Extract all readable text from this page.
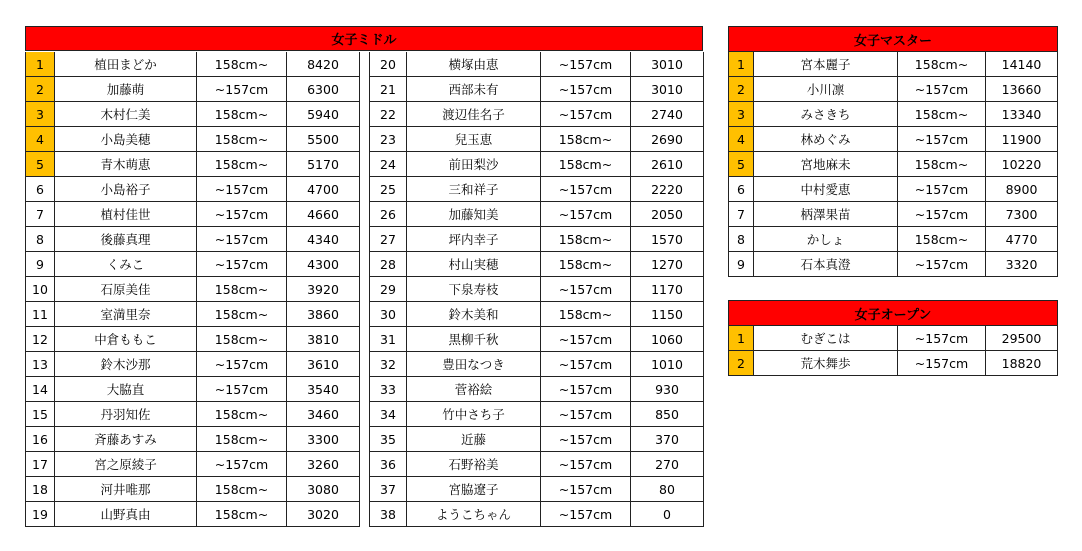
1	植田まどか	158cm~	8420
2	加藤萌	~157cm	6300
3	木村仁美	158cm~	5940
4	小島美穂	158cm~	5500
5	青木萌恵	158cm~	5170
6	小島裕子	~157cm	4700
7	植村佳世	~157cm	4660
8	後藤真理	~157cm	4340
9	くみこ	~157cm	4300
10	石原美佳	158cm~	3920
11	室満里奈	158cm~	3860
12	中倉ももこ	158cm~	3810
13	鈴木沙那	~157cm	3610
14	大脇直	~157cm	3540
15	丹羽知佐	158cm~	3460
16	斉藤あすみ	158cm~	3300
17	宮之原綾子	~157cm	3260
18	河井唯那	158cm~	3080
19	山野真由	158cm~	3020
女子ミドル

20	横塚由恵	~157cm	3010
21	西部未有	~157cm	3010
22	渡辺佳名子	~157cm	2740
23	兒玉恵	158cm~	2690
24	前田梨沙	158cm~	2610
25	三和祥子	~157cm	2220
26	加藤知美	~157cm	2050
27	坪内幸子	158cm~	1570
28	村山実穂	158cm~	1270
29	下泉寿枝	~157cm	1170
30	鈴木美和	158cm~	1150
31	黒柳千秋	~157cm	1060
32	豊田なつき	~157cm	1010
33	菅裕絵	~157cm	930
34	竹中さち子	~157cm	850
35	近藤	~157cm	370
36	石野裕美	~157cm	270
37	宮脇遼子	~157cm	80
38	ようこちゃん	~157cm	0
女子マスター			
1	宮本麗子	158cm~	14140
2	小川凛	~157cm	13660
3	みさきち	158cm~	13340
4	林めぐみ	~157cm	11900
5	宮地麻未	158cm~	10220
6	中村愛恵	~157cm	8900
7	柄澤果苗	~157cm	7300
8	かしょ	158cm~	4770
9	石本真澄	~157cm	3320
女子オープン			
1	むぎこは	~157cm	29500
2	荒木舞歩	~157cm	18820
